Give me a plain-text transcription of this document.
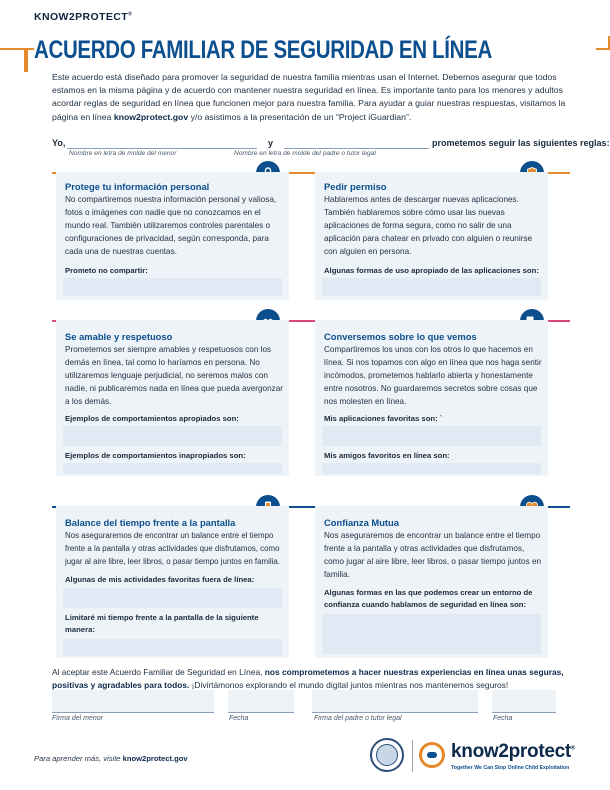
KNOW2PROTECT®
ACUERDO FAMILIAR DE SEGURIDAD EN LÍNEA

Este acuerdo está diseñado para promover la seguridad de nuestra familia mientras usan el Internet. Debemos asegurar que todos estamos en la misma página y de acuerdo con mantener nuestra seguridad en línea. Es importante tanto para los menores y adultos acordar reglas de seguridad en línea que funcionen mejor para nuestra familia. Para ayudar a guiar nuestras respuestas, visitamos la página en línea know2protect.gov y/o asistimos a la presentación de un “Project iGuardian”.

Yo,
Nombre en letra de molde del menor
y
Nombre en letra de molde del padre o tutor legal
prometemos seguir las siguientes reglas:
Protege tu información personal
No compartiremos nuestra información personal y valiosa, fotos o imágenes con nadie que no conozcamos en el mundo real. También utilizaremos controles parentales o configuraciones de privacidad, según corresponda, para cada una de nuestras cuentas.
Prometo no compartir:
Pedir permiso
Hablaremos antes de descargar nuevas aplicaciones. También hablaremos sobre cómo usar las nuevas aplicaciones de forma segura, como no salir de una aplicación para chatear en privado con alguien o reunirse con alguien en persona.
Algunas formas de uso apropiado de las aplicaciones son:
Se amable y respetuoso
Prometemos ser siempre amables y respetuosos con los demás en línea, tal como lo haríamos en persona. No utilizaremos lenguaje perjudicial, no seremos malos con nadie, ni publicaremos nada en línea que pueda avergonzar a los demás.
Ejemplos de comportamientos apropiados son:
Ejemplos de comportamientos inapropiados son:
Conversemos sobre lo que vemos
Compartiremos los unos con los otros lo que hacemos en línea. Si nos topamos con algo en línea que nos haga sentir incómodos, prometemos hablarlo abierta y honestamente entre nosotros. No guardaremos secretos sobre cosas que nos molesten en línea.
Mis aplicaciones favoritas son: `
Mis amigos favoritos en línea son:
Balance del tiempo frente a la pantalla
Nos aseguraremos de encontrar un balance entre el tiempo frente a la pantalla y otras actividades que disfrutamos, como jugar al aire libre, leer libros, o pasar tiempo juntos en familia.
Algunas de mis actividades favoritas fuera de línea:
Limitaré mi tiempo frente a la pantalla de la siguiente manera:
Confianza Mutua
Nos aseguraremos de encontrar un balance entre el tiempo frente a la pantalla y otras actividades que disfrutamos, como jugar al aire libre, leer libros, o pasar tiempo juntos en familia.
Algunas formas en las que podemos crear un entorno de confianza cuando hablamos de seguridad en línea son:

Al aceptar este Acuerdo Familiar de Seguridad en Línea, nos comprometemos a hacer nuestras experiencias en línea unas seguras, positivas y agradables para todos. ¡Divirtámonos explorando el mundo digital juntos mientras nos mantenemos seguros!

Firma del menor	Fecha	Firma del padre o tutor legal	Fecha
Para aprender más, visite know2protect.gov	know2protect®
Together We Can Stop Online Child Exploitation
